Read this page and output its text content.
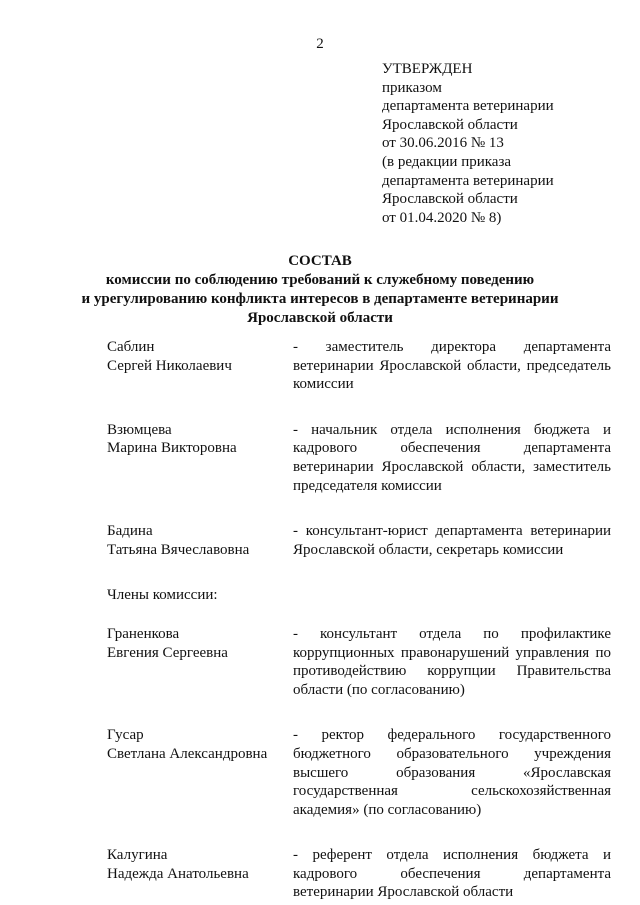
2
УТВЕРЖДЕН
приказом
департамента ветеринарии
Ярославской области
от 30.06.2016 № 13
(в редакции приказа
департамента ветеринарии
Ярославской области
от 01.04.2020 № 8)
СОСТАВ
комиссии по соблюдению требований к служебному поведению
и урегулированию конфликта интересов в департаменте ветеринарии
Ярославской области
Саблин
Сергей Николаевич
- заместитель директора департамента ветеринарии Ярославской области, председатель комиссии
Взюмцева
Марина Викторовна
- начальник отдела исполнения бюджета и кадрового обеспечения департамента ветеринарии Ярославской области, заместитель председателя комиссии
Бадина
Татьяна Вячеславовна
- консультант-юрист департамента ветеринарии Ярославской области, секретарь комиссии
Члены комиссии:
Граненкова
Евгения Сергеевна
- консультант отдела по профилактике коррупционных правонарушений управления по противодействию коррупции Правительства области (по согласованию)
Гусар
Светлана Александровна
- ректор федерального государственного бюджетного образовательного учреждения высшего образования «Ярославская государственная сельскохозяйственная академия» (по согласованию)
Калугина
Надежда Анатольевна
- референт отдела исполнения бюджета и кадрового обеспечения департамента ветеринарии Ярославской области
